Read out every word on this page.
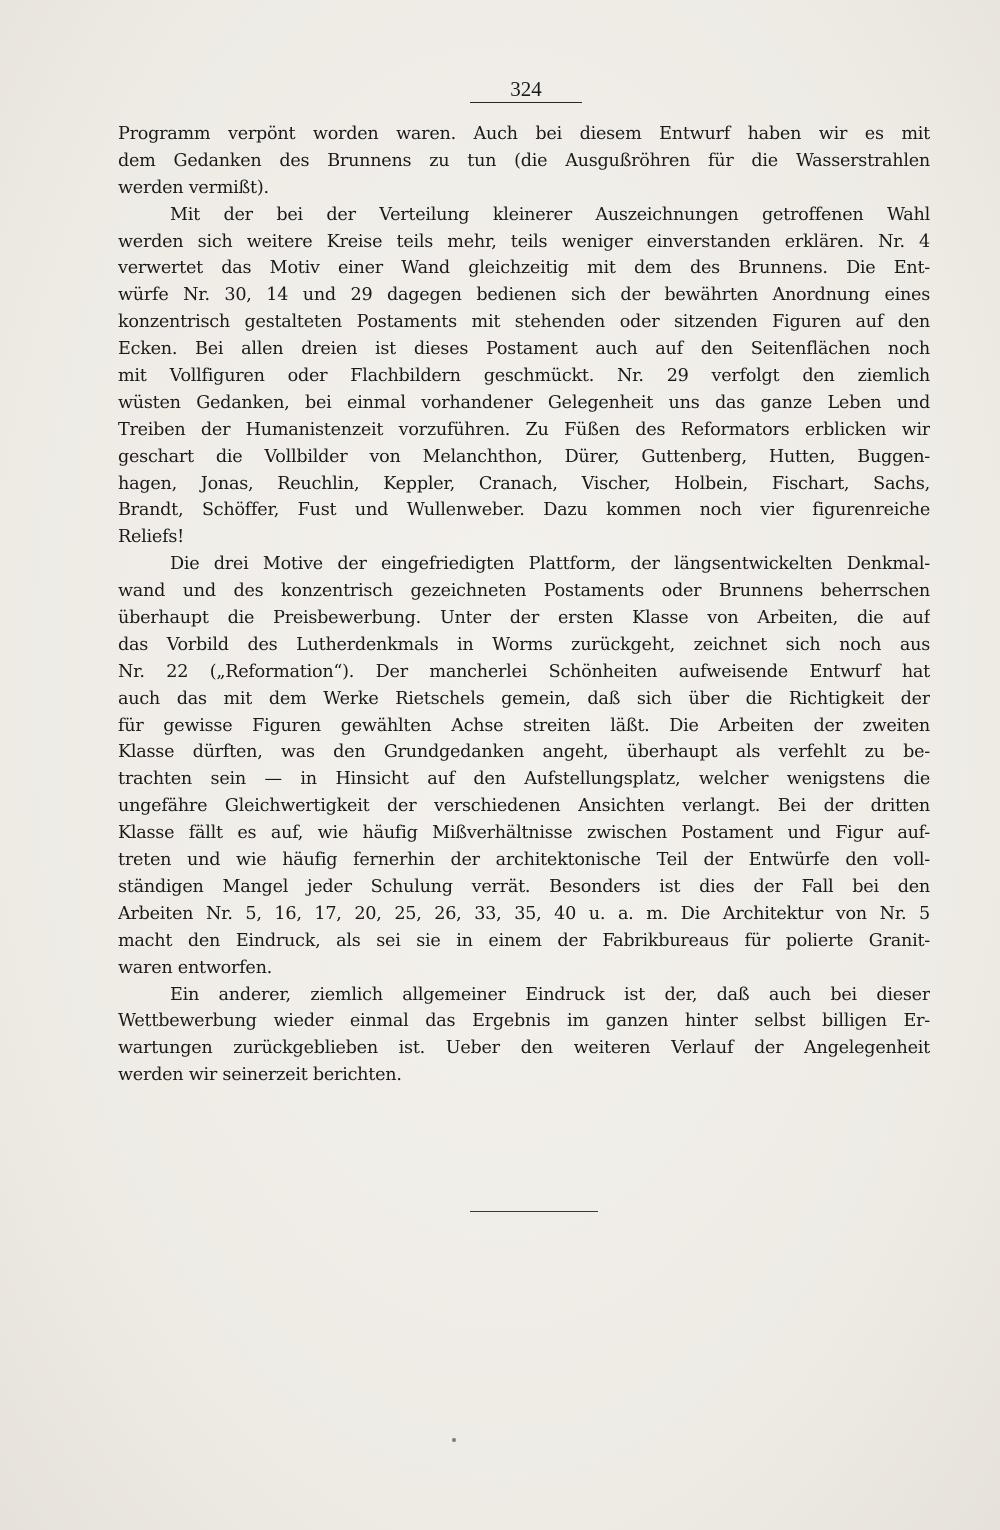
324
Programm verpönt worden waren. Auch bei diesem Entwurf haben wir es mit
dem Gedanken des Brunnens zu tun (die Ausgußröhren für die Wasserstrahlen
werden vermißt).
Mit der bei der Verteilung kleinerer Auszeichnungen getroffenen Wahl
werden sich weitere Kreise teils mehr, teils weniger einverstanden erklären. Nr. 4
verwertet das Motiv einer Wand gleichzeitig mit dem des Brunnens. Die Ent-
würfe Nr. 30, 14 und 29 dagegen bedienen sich der bewährten Anordnung eines
konzentrisch gestalteten Postaments mit stehenden oder sitzenden Figuren auf den
Ecken. Bei allen dreien ist dieses Postament auch auf den Seitenflächen noch
mit Vollfiguren oder Flachbildern geschmückt. Nr. 29 verfolgt den ziemlich
wüsten Gedanken, bei einmal vorhandener Gelegenheit uns das ganze Leben und
Treiben der Humanistenzeit vorzuführen. Zu Füßen des Reformators erblicken wir
geschart die Vollbilder von Melanchthon, Dürer, Guttenberg, Hutten, Buggen-
hagen, Jonas, Reuchlin, Keppler, Cranach, Vischer, Holbein, Fischart, Sachs,
Brandt, Schöffer, Fust und Wullenweber. Dazu kommen noch vier figurenreiche
Reliefs!
Die drei Motive der eingefriedigten Plattform, der längsentwickelten Denkmal-
wand und des konzentrisch gezeichneten Postaments oder Brunnens beherrschen
überhaupt die Preisbewerbung. Unter der ersten Klasse von Arbeiten, die auf
das Vorbild des Lutherdenkmals in Worms zurückgeht, zeichnet sich noch aus
Nr. 22 („Reformation“). Der mancherlei Schönheiten aufweisende Entwurf hat
auch das mit dem Werke Rietschels gemein, daß sich über die Richtigkeit der
für gewisse Figuren gewählten Achse streiten läßt. Die Arbeiten der zweiten
Klasse dürften, was den Grundgedanken angeht, überhaupt als verfehlt zu be-
trachten sein — in Hinsicht auf den Aufstellungsplatz, welcher wenigstens die
ungefähre Gleichwertigkeit der verschiedenen Ansichten verlangt. Bei der dritten
Klasse fällt es auf, wie häufig Mißverhältnisse zwischen Postament und Figur auf-
treten und wie häufig fernerhin der architektonische Teil der Entwürfe den voll-
ständigen Mangel jeder Schulung verrät. Besonders ist dies der Fall bei den
Arbeiten Nr. 5, 16, 17, 20, 25, 26, 33, 35, 40 u. a. m. Die Architektur von Nr. 5
macht den Eindruck, als sei sie in einem der Fabrikbureaus für polierte Granit-
waren entworfen.
Ein anderer, ziemlich allgemeiner Eindruck ist der, daß auch bei dieser
Wettbewerbung wieder einmal das Ergebnis im ganzen hinter selbst billigen Er-
wartungen zurückgeblieben ist. Ueber den weiteren Verlauf der Angelegenheit
werden wir seinerzeit berichten.
